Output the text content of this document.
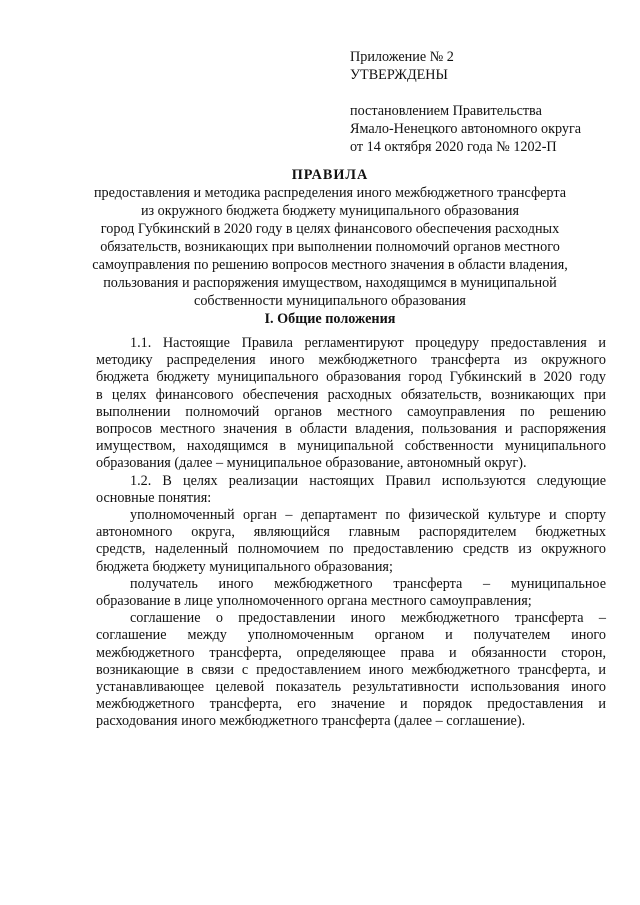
Приложение № 2
УТВЕРЖДЕНЫ
постановлением Правительства
Ямало-Ненецкого автономного округа
от 14 октября 2020 года № 1202-П
ПРАВИЛА
предоставления и методика распределения иного межбюджетного трансферта
из окружного бюджета бюджету муниципального образования
город Губкинский в 2020 году в целях финансового обеспечения расходных
обязательств, возникающих при выполнении полномочий органов местного
самоуправления по решению вопросов местного значения в области владения,
пользования и распоряжения имуществом, находящимся в муниципальной
собственности муниципального образования
I. Общие положения
1.1. Настоящие Правила регламентируют процедуру предоставления и
методику распределения иного межбюджетного трансферта из окружного
бюджета бюджету муниципального образования город Губкинский в 2020 году
в целях финансового обеспечения расходных обязательств, возникающих при
выполнении полномочий органов местного самоуправления по решению
вопросов местного значения в области владения, пользования и распоряжения
имуществом, находящимся в муниципальной собственности муниципального
образования (далее – муниципальное образование, автономный округ).
1.2. В целях реализации настоящих Правил используются следующие
основные понятия:
уполномоченный орган – департамент по физической культуре и спорту
автономного округа, являющийся главным распорядителем бюджетных
средств, наделенный полномочием по предоставлению средств из окружного
бюджета бюджету муниципального образования;
получатель иного межбюджетного трансферта – муниципальное
образование в лице уполномоченного органа местного самоуправления;
соглашение о предоставлении иного межбюджетного трансферта –
соглашение между уполномоченным органом и получателем иного
межбюджетного трансферта, определяющее права и обязанности сторон,
возникающие в связи с предоставлением иного межбюджетного трансферта, и
устанавливающее целевой показатель результативности использования иного
межбюджетного трансферта, его значение и порядок предоставления и
расходования иного межбюджетного трансферта (далее – соглашение).
